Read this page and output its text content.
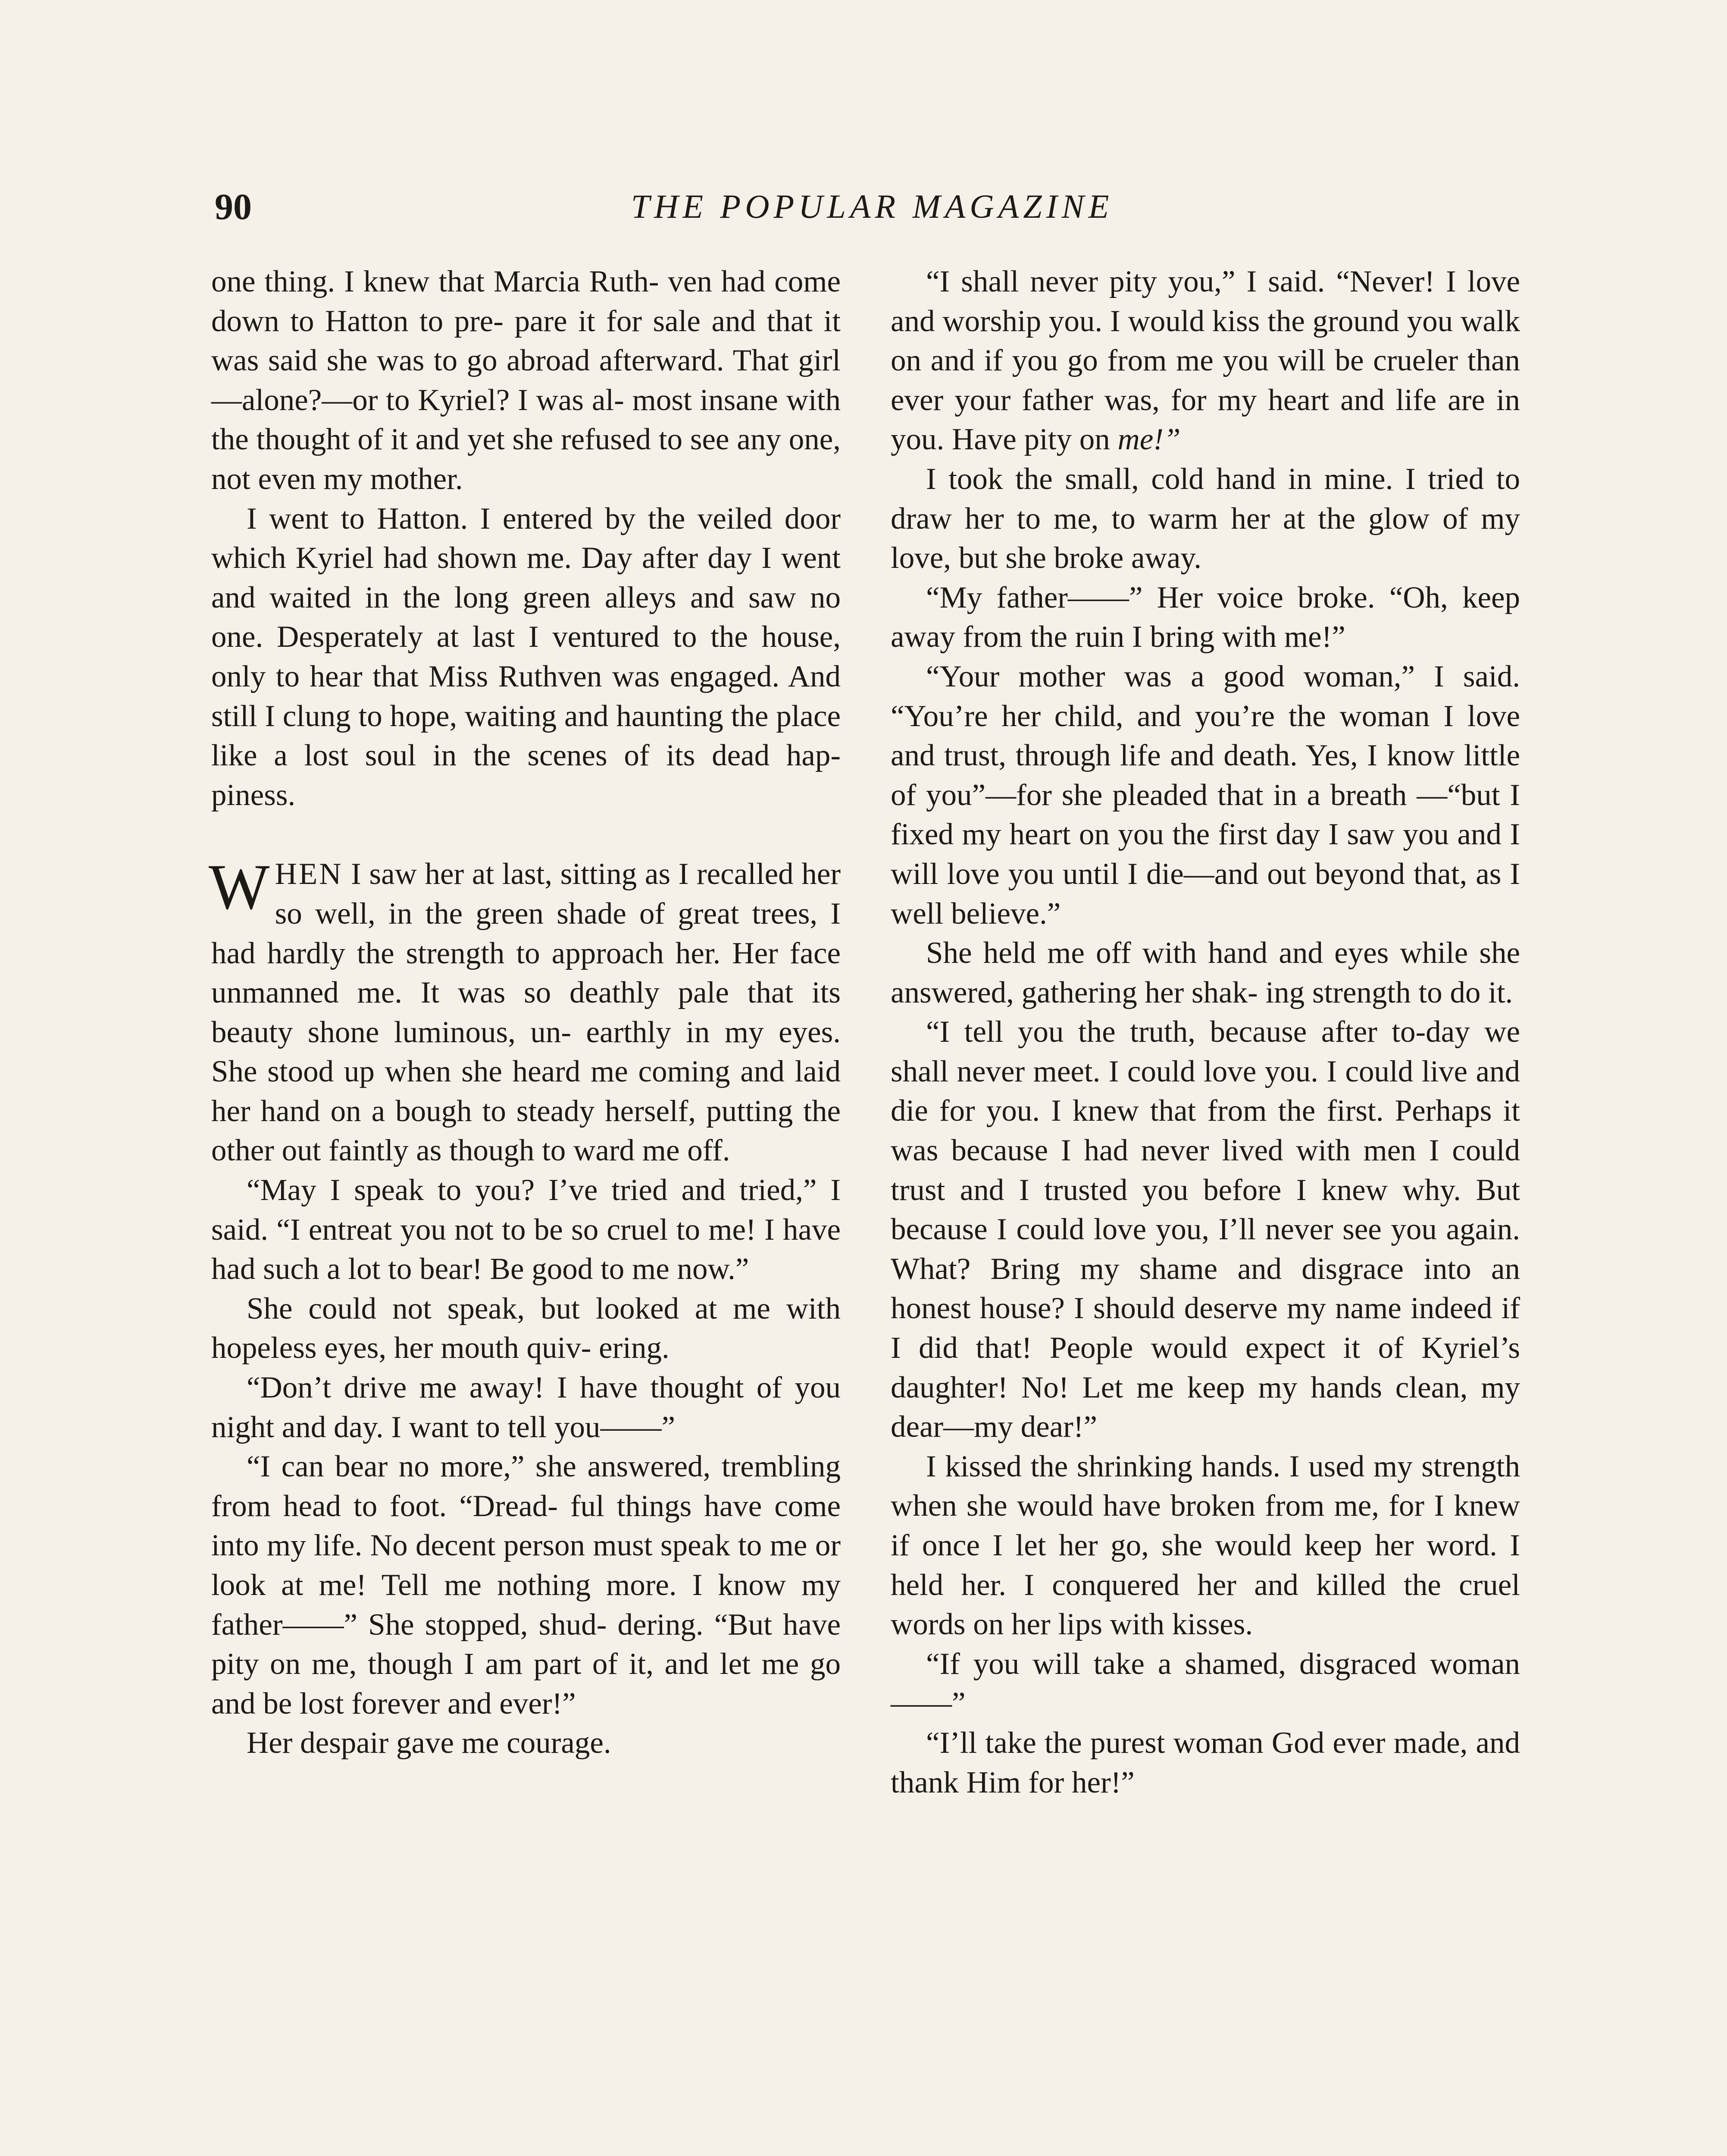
90	THE POPULAR MAGAZINE

one thing. I knew that Marcia Ruth- ven had come down to Hatton to pre- pare it for sale and that it was said she was to go abroad afterward. That girl—alone?—or to Kyriel? I was al- most insane with the thought of it and yet she refused to see any one, not even my mother.

I went to Hatton. I entered by the veiled door which Kyriel had shown me. Day after day I went and waited in the long green alleys and saw no one. Desperately at last I ventured to the house, only to hear that Miss Ruthven was engaged. And still I clung to hope, waiting and haunting the place like a lost soul in the scenes of its dead hap- piness.

WHEN I saw her at last, sitting as I recalled her so well, in the green shade of great trees, I had hardly the strength to approach her. Her face unmanned me. It was so deathly pale that its beauty shone luminous, un- earthly in my eyes. She stood up when she heard me coming and laid her hand on a bough to steady herself, putting the other out faintly as though to ward me off.

“May I speak to you? I’ve tried and tried,” I said. “I entreat you not to be so cruel to me! I have had such a lot to bear! Be good to me now.”

She could not speak, but looked at me with hopeless eyes, her mouth quiv- ering.

“Don’t drive me away! I have thought of you night and day. I want to tell you——”

“I can bear no more,” she answered, trembling from head to foot. “Dread- ful things have come into my life. No decent person must speak to me or look at me! Tell me nothing more. I know my father——” She stopped, shud- dering. “But have pity on me, though I am part of it, and let me go and be lost forever and ever!”

Her despair gave me courage.

“I shall never pity you,” I said. “Never! I love and worship you. I would kiss the ground you walk on and if you go from me you will be crueler than ever your father was, for my heart and life are in you. Have pity on me!”

I took the small, cold hand in mine. I tried to draw her to me, to warm her at the glow of my love, but she broke away.

“My father——” Her voice broke. “Oh, keep away from the ruin I bring with me!”

“Your mother was a good woman,” I said. “You’re her child, and you’re the woman I love and trust, through life and death. Yes, I know little of you”—for she pleaded that in a breath —“but I fixed my heart on you the first day I saw you and I will love you until I die—and out beyond that, as I well believe.”

She held me off with hand and eyes while she answered, gathering her shak- ing strength to do it.

“I tell you the truth, because after to-day we shall never meet. I could love you. I could live and die for you. I knew that from the first. Perhaps it was because I had never lived with men I could trust and I trusted you before I knew why. But because I could love you, I’ll never see you again. What? Bring my shame and disgrace into an honest house? I should deserve my name indeed if I did that! People would expect it of Kyriel’s daughter! No! Let me keep my hands clean, my dear—my dear!”

I kissed the shrinking hands. I used my strength when she would have broken from me, for I knew if once I let her go, she would keep her word. I held her. I conquered her and killed the cruel words on her lips with kisses.

“If you will take a shamed, disgraced woman——”

“I’ll take the purest woman God ever made, and thank Him for her!”
